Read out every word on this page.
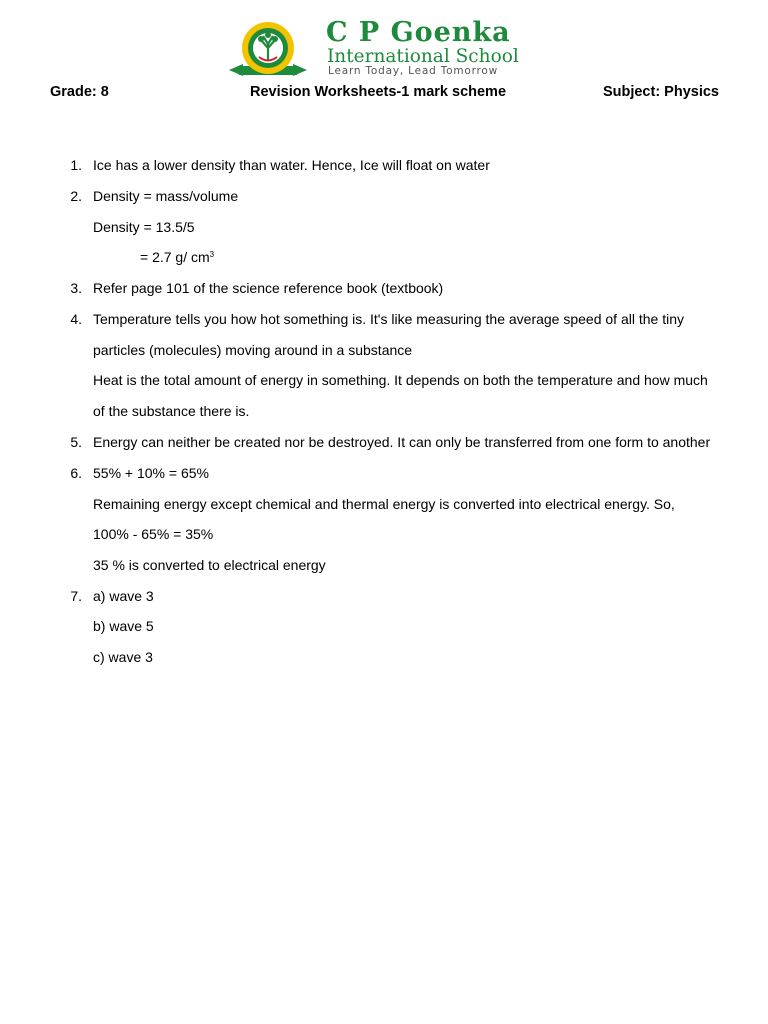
C P Goenka
International School
Learn Today, Lead Tomorrow
Grade: 8	Revision Worksheets-1 mark scheme	Subject: Physics
1. Ice has a lower density than water. Hence, Ice will float on water
2. Density = mass/volume
Density = 13.5/5
= 2.7 g/ $cm^3$
3. Refer page 101 of the science reference book (textbook)
4. Temperature tells you how hot something is. It's like measuring the average speed of all the tiny
particles (molecules) moving around in a substance
Heat is the total amount of energy in something. It depends on both the temperature and how much
of the substance there is.
5. Energy can neither be created nor be destroyed. It can only be transferred from one form to another
6. 55% + 10% = 65%
Remaining energy except chemical and thermal energy is converted into electrical energy. So,
100% - 65% = 35%
35 % is converted to electrical energy
7. a) wave 3
b) wave 5
c) wave 3
